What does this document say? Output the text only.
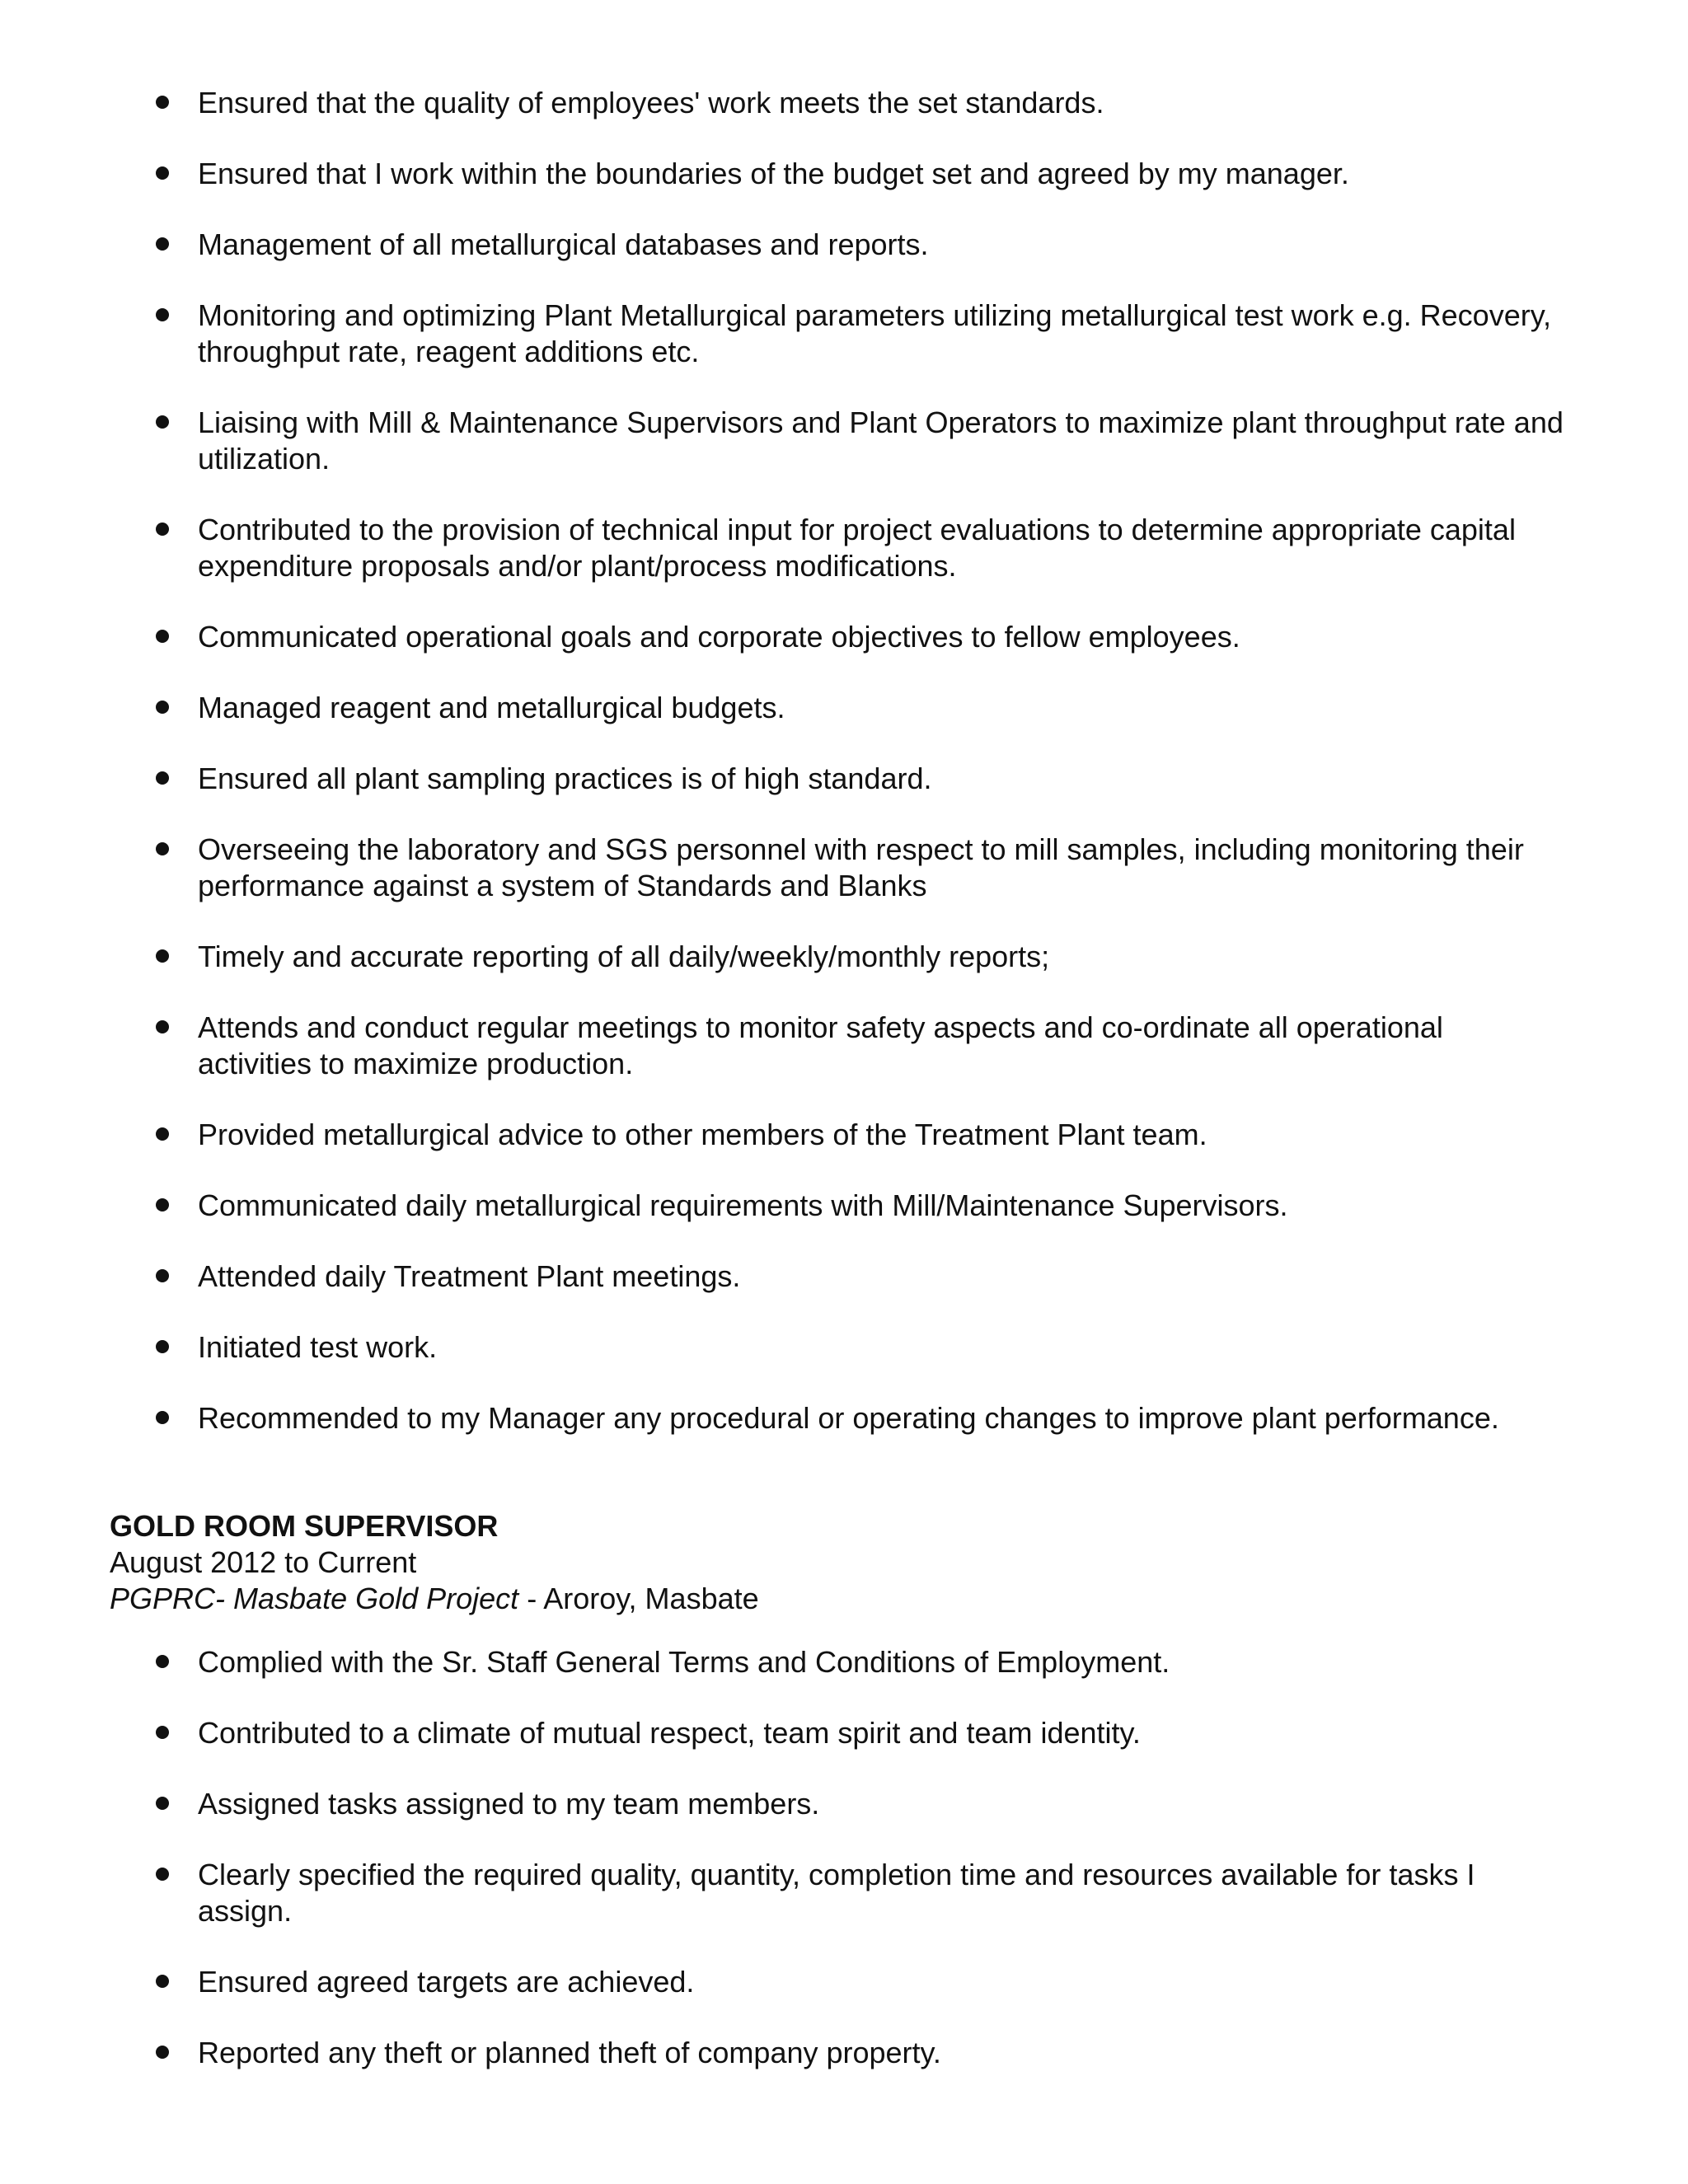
Ensured that the quality of employees' work meets the set standards.
Ensured that I work within the boundaries of the budget set and agreed by my manager.
Management of all metallurgical databases and reports.
Monitoring and optimizing Plant Metallurgical parameters utilizing metallurgical test work e.g. Recovery, throughput rate, reagent additions etc.
Liaising with Mill & Maintenance Supervisors and Plant Operators to maximize plant throughput rate and utilization.
Contributed to the provision of technical input for project evaluations to determine appropriate capital expenditure proposals and/or plant/process modifications.
Communicated operational goals and corporate objectives to fellow employees.
Managed reagent and metallurgical budgets.
Ensured all plant sampling practices is of high standard.
Overseeing the laboratory and SGS personnel with respect to mill samples, including monitoring their performance against a system of Standards and Blanks
Timely and accurate reporting of all daily/weekly/monthly reports;
Attends and conduct regular meetings to monitor safety aspects and co-ordinate all operational activities to maximize production.
Provided metallurgical advice to other members of the Treatment Plant team.
Communicated daily metallurgical requirements with Mill/Maintenance Supervisors.
Attended daily Treatment Plant meetings.
Initiated test work.
Recommended to my Manager any procedural or operating changes to improve plant performance.
GOLD ROOM SUPERVISOR
August 2012 to Current
PGPRC- Masbate Gold Project - Aroroy, Masbate
Complied with the Sr. Staff General Terms and Conditions of Employment.
Contributed to a climate of mutual respect, team spirit and team identity.
Assigned tasks assigned to my team members.
Clearly specified the required quality, quantity, completion time and resources available for tasks I assign.
Ensured agreed targets are achieved.
Reported any theft or planned theft of company property.
